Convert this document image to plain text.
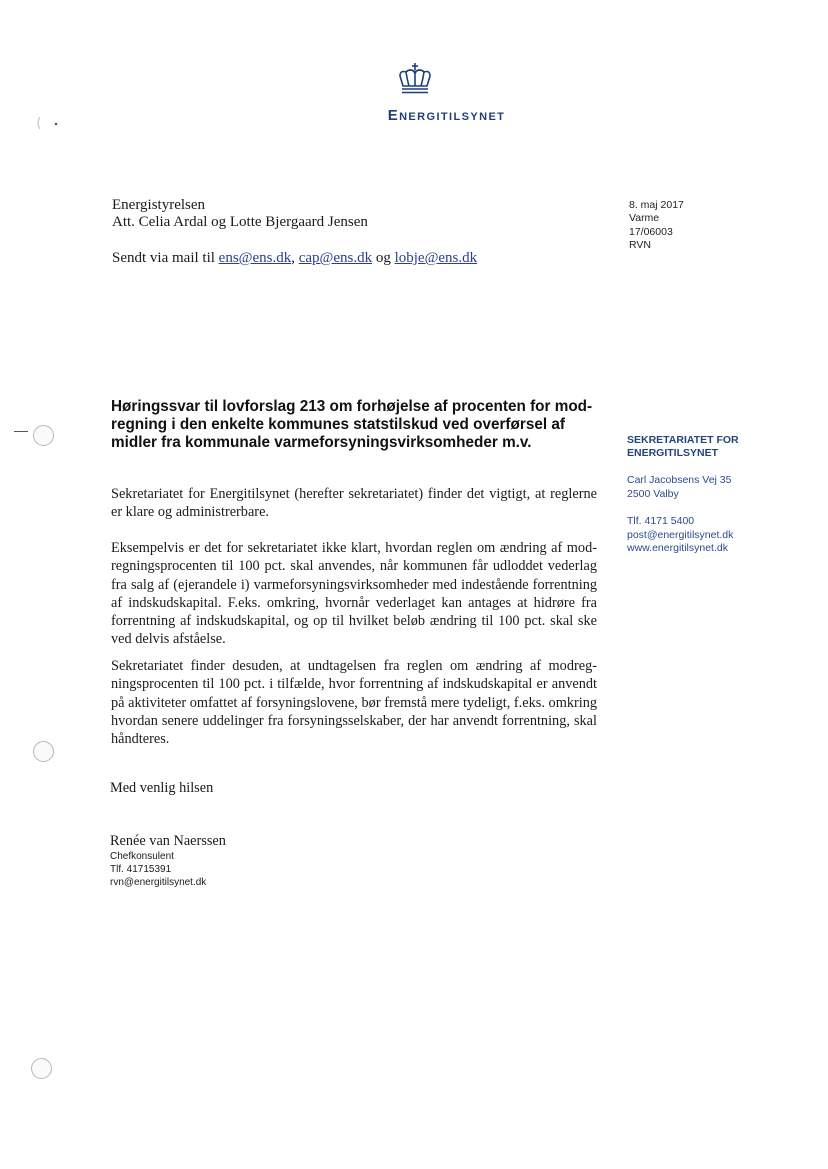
Energitilsynet
Energistyrelsen
Att. Celia Ardal og Lotte Bjergaard Jensen
Sendt via mail til ens@ens.dk, cap@ens.dk og lobje@ens.dk
8. maj 2017
Varme
17/06003
RVN
Høringssvar til lovforslag 213 om forhøjelse af procenten for modregning i den enkelte kommunes statstilskud ved overførsel af midler fra kommunale varmeforsyningsvirksomheder m.v.	SEKRETARIATET FOR ENERGITILSYNET
Carl Jacobsens Vej 35
2500 Valby
Tlf. 4171 5400
post@energitilsynet.dk
www.energitilsynet.dk
Sekretariatet for Energitilsynet (herefter sekretariatet) finder det vigtigt, at reglerne er klare og administrerbare.
Eksempelvis er det for sekretariatet ikke klart, hvordan reglen om ændring af modregningsprocenten til 100 pct. skal anvendes, når kommunen får udloddet vederlag fra salg af (ejerandele i) varmeforsyningsvirksomheder med indestående forrentning af indskudskapital. F.eks. omkring, hvornår vederlaget kan antages at hidrøre fra forrentning af indskudskapital, og op til hvilket beløb ændring til 100 pct. skal ske ved delvis afståelse.
Sekretariatet finder desuden, at undtagelsen fra reglen om ændring af modregningsprocenten til 100 pct. i tilfælde, hvor forrentning af indskudskapital er anvendt på aktiviteter omfattet af forsyningslovene, bør fremstå mere tydeligt, f.eks. omkring hvordan senere uddelinger fra forsyningsselskaber, der har anvendt forrentning, skal håndteres.
Med venlig hilsen
Renée van Naerssen
Chefkonsulent
Tlf. 41715391
rvn@energitilsynet.dk
